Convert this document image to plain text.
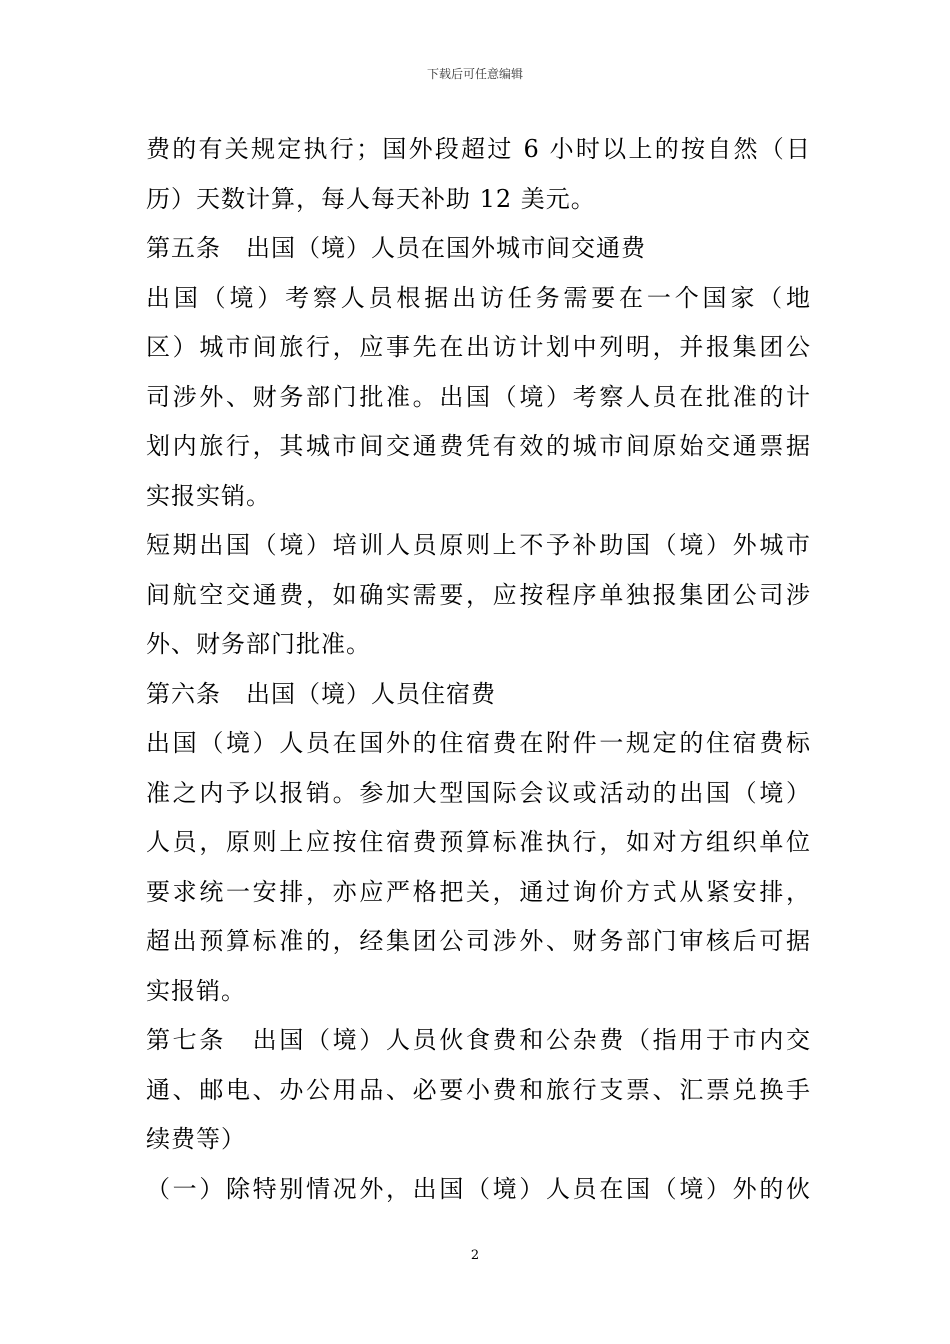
下载后可任意编辑
费的有关规定执行；国外段超过 6 小时以上的按自然（日
历）天数计算，每人每天补助 12 美元。
第五条　出国（境）人员在国外城市间交通费
出国（境）考察人员根据出访任务需要在一个国家（地
区）城市间旅行，应事先在出访计划中列明，并报集团公
司涉外、财务部门批准。出国（境）考察人员在批准的计
划内旅行，其城市间交通费凭有效的城市间原始交通票据
实报实销。
短期出国（境）培训人员原则上不予补助国（境）外城市
间航空交通费，如确实需要，应按程序单独报集团公司涉
外、财务部门批准。
第六条　出国（境）人员住宿费
出国（境）人员在国外的住宿费在附件一规定的住宿费标
准之内予以报销。参加大型国际会议或活动的出国（境）
人员，原则上应按住宿费预算标准执行，如对方组织单位
要求统一安排，亦应严格把关，通过询价方式从紧安排，
超出预算标准的，经集团公司涉外、财务部门审核后可据
实报销。
第七条　出国（境）人员伙食费和公杂费（指用于市内交
通、邮电、办公用品、必要小费和旅行支票、汇票兑换手
续费等）
（一）除特别情况外，出国（境）人员在国（境）外的伙
2
